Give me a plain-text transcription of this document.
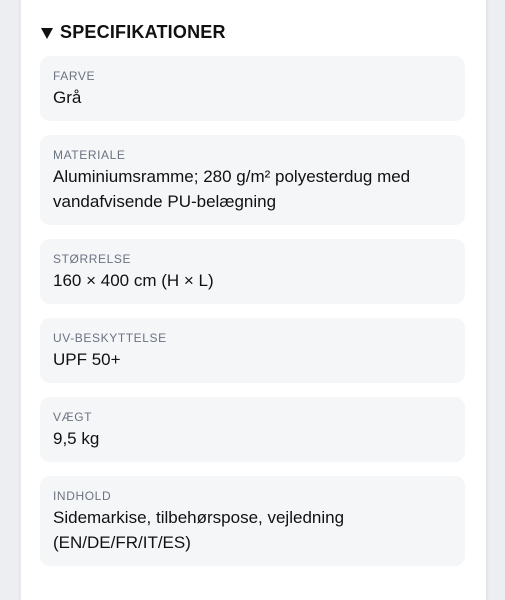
SPECIFIKATIONER
FARVE
Grå
MATERIALE
Aluminiumsramme; 280 g/m² polyesterdug med vandafvisende PU-belægning
STØRRELSE
160 × 400 cm (H × L)
UV-BESKYTTELSE
UPF 50+
VÆGT
9,5 kg
INDHOLD
Sidemarkise, tilbehørspose, vejledning (EN/DE/FR/IT/ES)
